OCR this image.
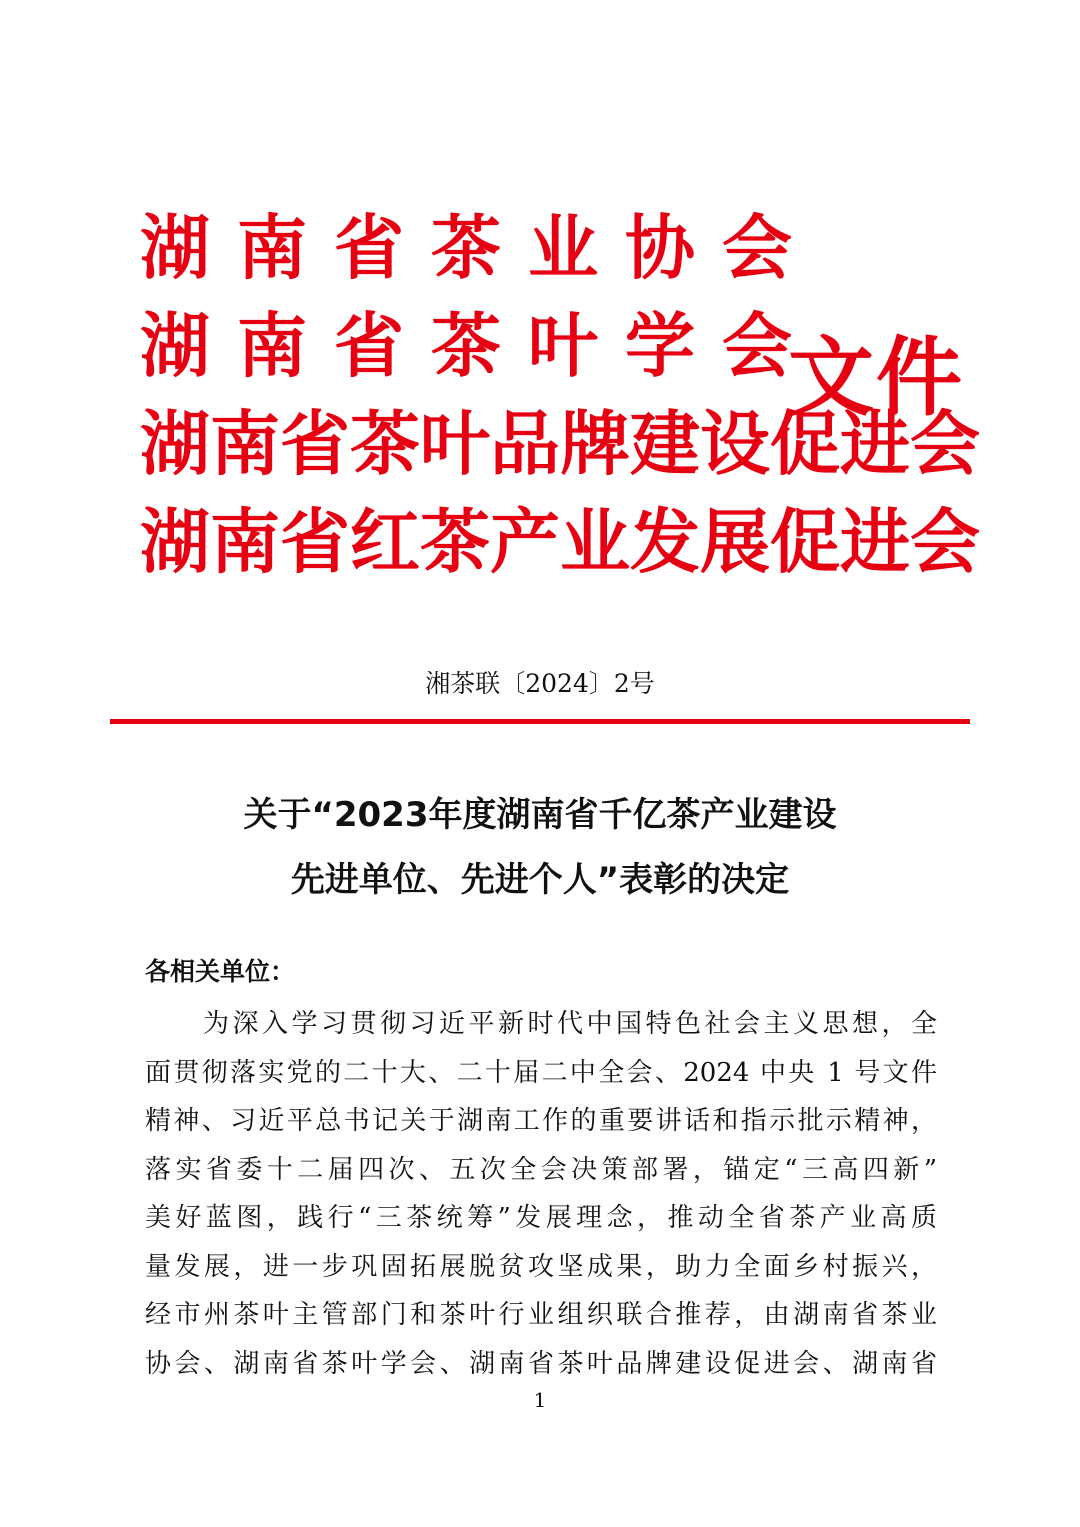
湖南省茶业协会
湖南省茶叶学会
湖南省茶叶品牌建设促进会
湖南省红茶产业发展促进会
文件
湘茶联〔2024〕2号
关于“2023年度湖南省千亿茶产业建设
先进单位、先进个人”表彰的决定
各相关单位：
为深入学习贯彻习近平新时代中国特色社会主义思想，全
面贯彻落实党的二十大、二十届二中全会、2024 中央 1 号文件
精神、习近平总书记关于湖南工作的重要讲话和指示批示精神，
落实省委十二届四次、五次全会决策部署，锚定“三高四新”
美好蓝图，践行“三茶统筹”发展理念，推动全省茶产业高质
量发展，进一步巩固拓展脱贫攻坚成果，助力全面乡村振兴，
经市州茶叶主管部门和茶叶行业组织联合推荐，由湖南省茶业
协会、湖南省茶叶学会、湖南省茶叶品牌建设促进会、湖南省
1
